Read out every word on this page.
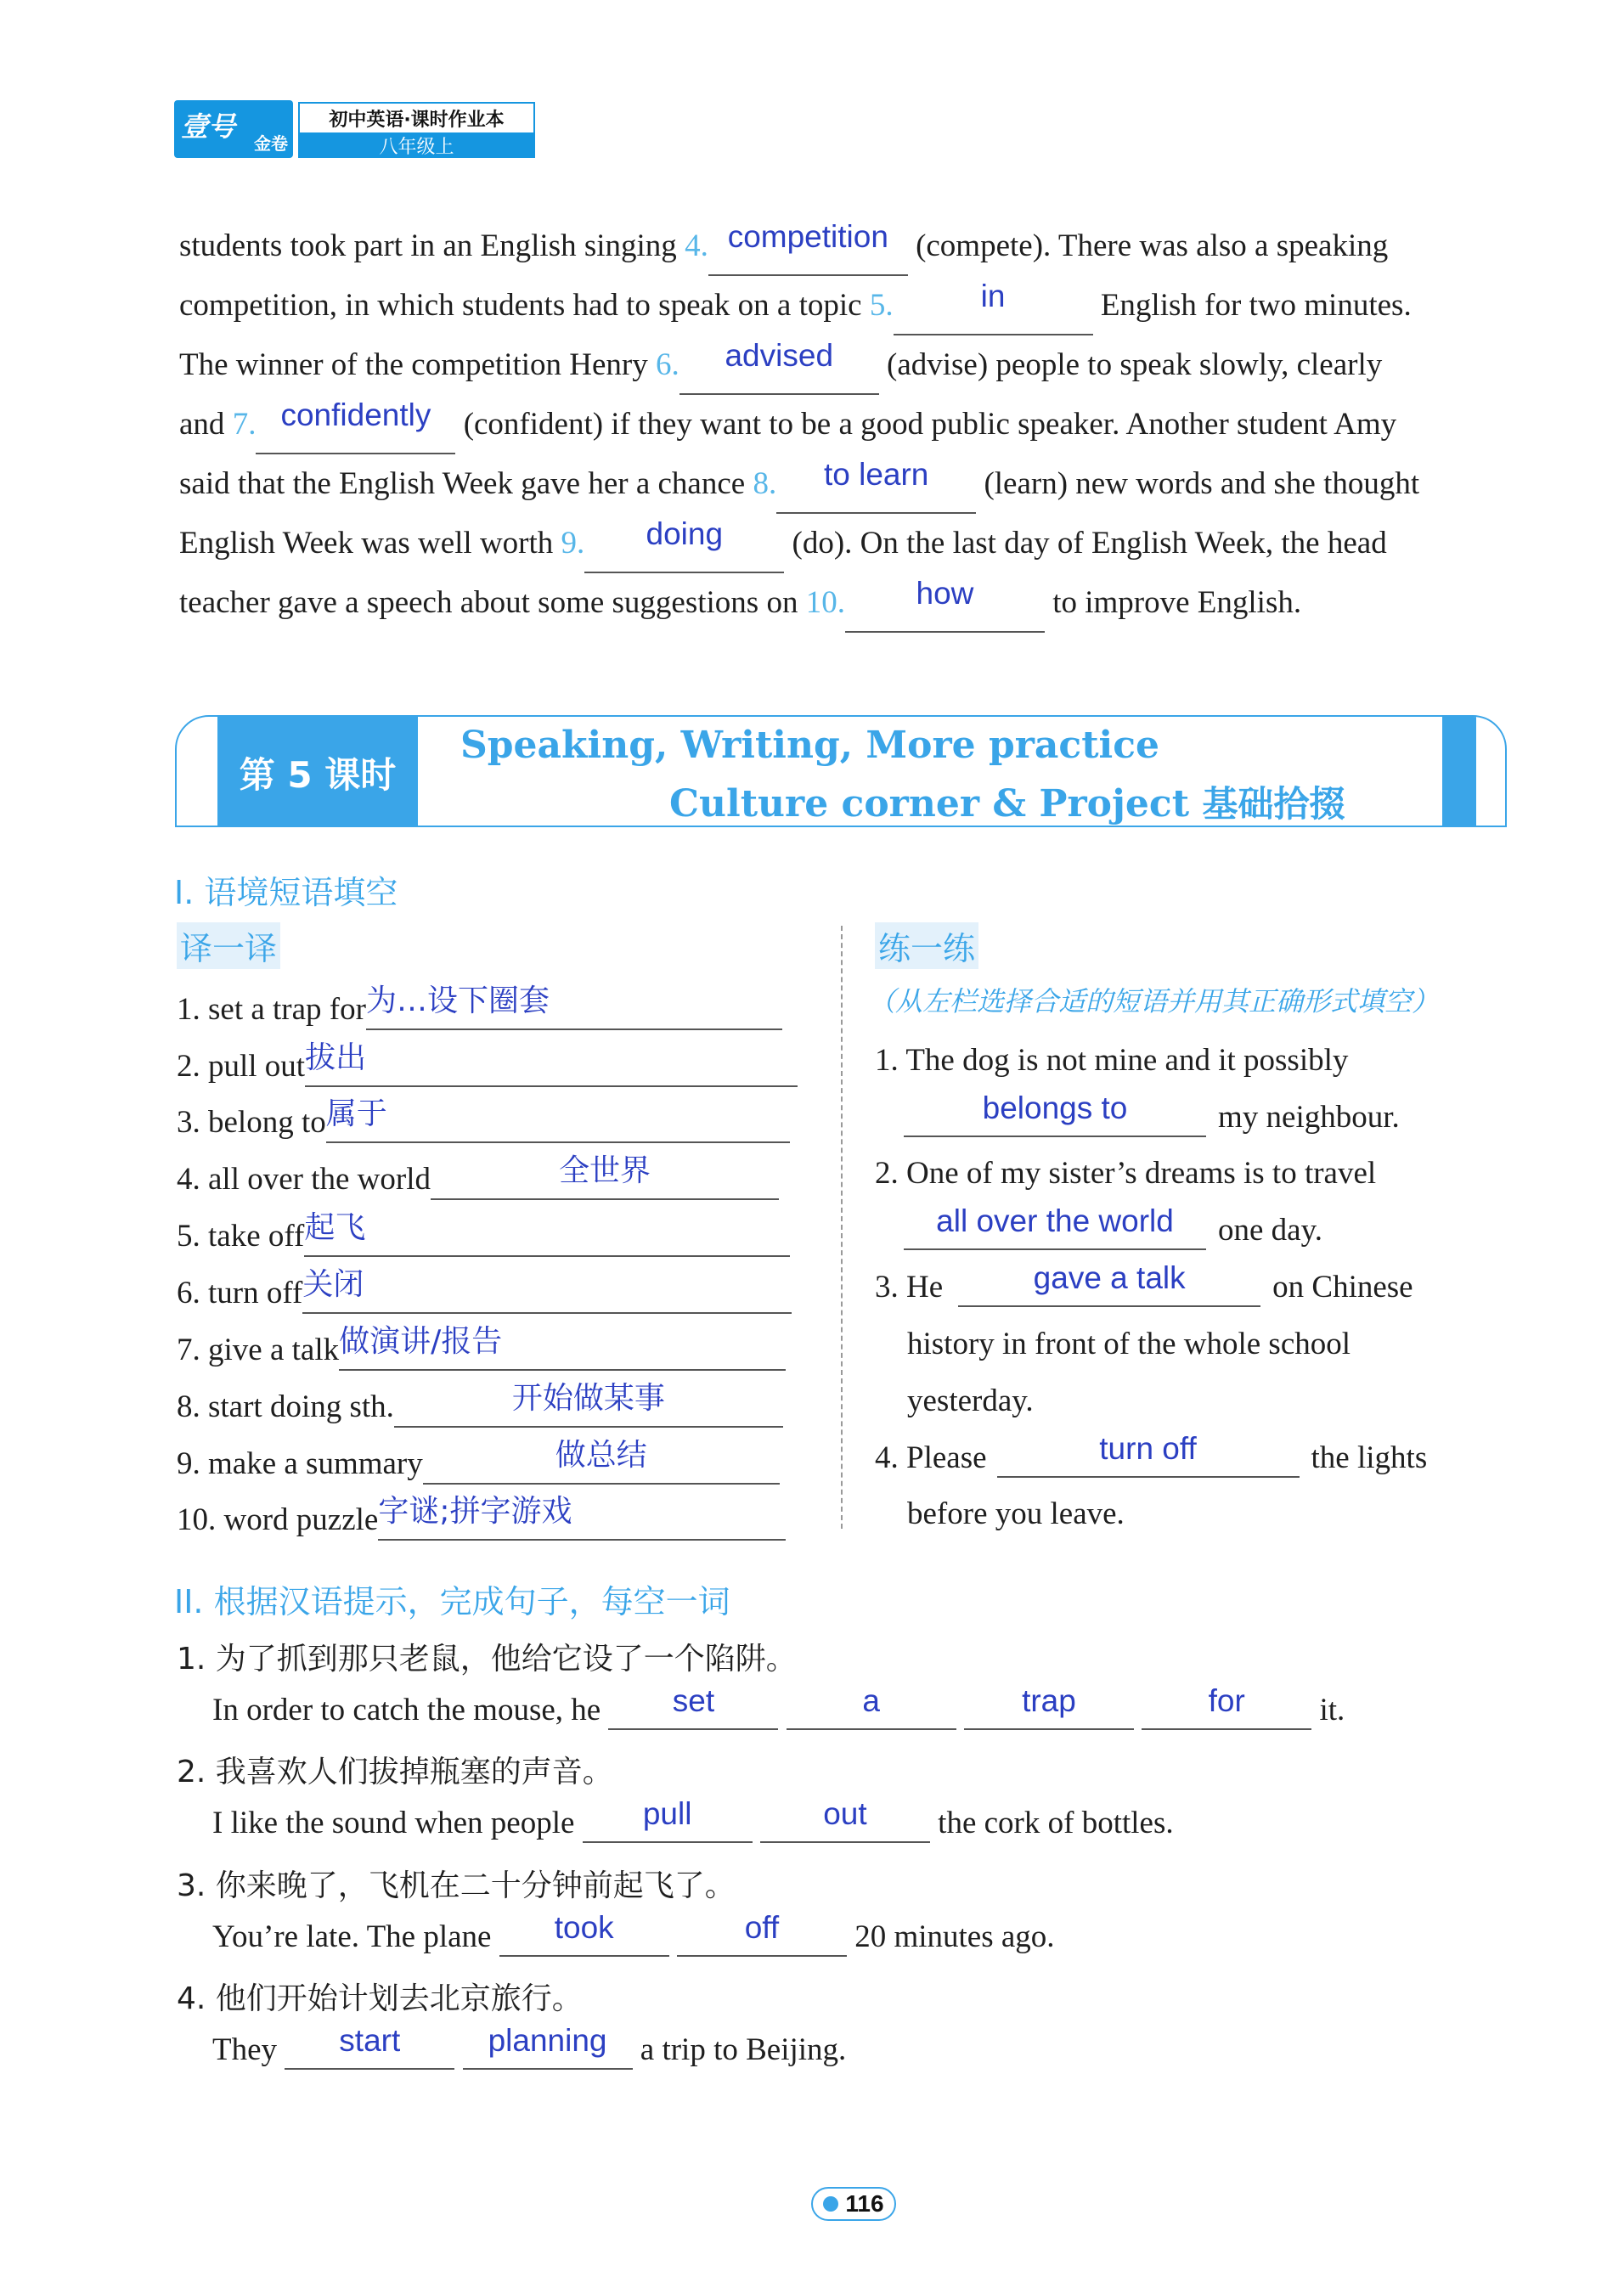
壹号
金卷
初中英语·课时作业本
八年级上
students took part in an English singing 4. competition (compete). There was also a speaking
competition, in which students had to speak on a topic 5.	in	English for two minutes.
The winner of the competition Henry 6. advised (advise) people to speak slowly, clearly
and 7. confidently (confident) if they want to be a good public speaker. Another student Amy
said that the English Week gave her a chance 8. to learn (learn) new words and she thought
English Week was well worth 9. doing (do). On the last day of English Week, the head
teacher gave a speech about some suggestions on 10. how to improve English.
第 5 课时
Speaking, Writing, More practice
Culture corner & Project 基础拾掇
I. 语境短语填空
译一译	练一练
1. set a trap for为…设下圈套
2. pull out拔出
3. belong to属于
4. all over the world	全世界
5. take off起飞
6. turn off关闭
7. give a talk做演讲/报告
8. start doing sth.	开始做某事
9. make a summary	做总结
10. word puzzle字谜;拼字游戏
（从左栏选择合适的短语并用其正确形式填空）
1. The dog is not mine and it possibly
belongs to	my neighbour.
2. One of my sister’s dreams is to travel
all over the world one day.
3. He	gave a talk	on Chinese
history in front of the whole school
yesterday.
4. Please	turn off	the lights
before you leave.
II. 根据汉语提示，完成句子，每空一词
1. 为了抓到那只老鼠，他给它设了一个陷阱。
In order to catch the mouse, he set	a	trap	for it.
2. 我喜欢人们拔掉瓶塞的声音。
I like the sound when people pull	out the cork of bottles.
3. 你来晚了，飞机在二十分钟前起飞了。
You’re late. The plane took	off 20 minutes ago.
4. 他们开始计划去北京旅行。
They start	planning a trip to Beijing.
116
